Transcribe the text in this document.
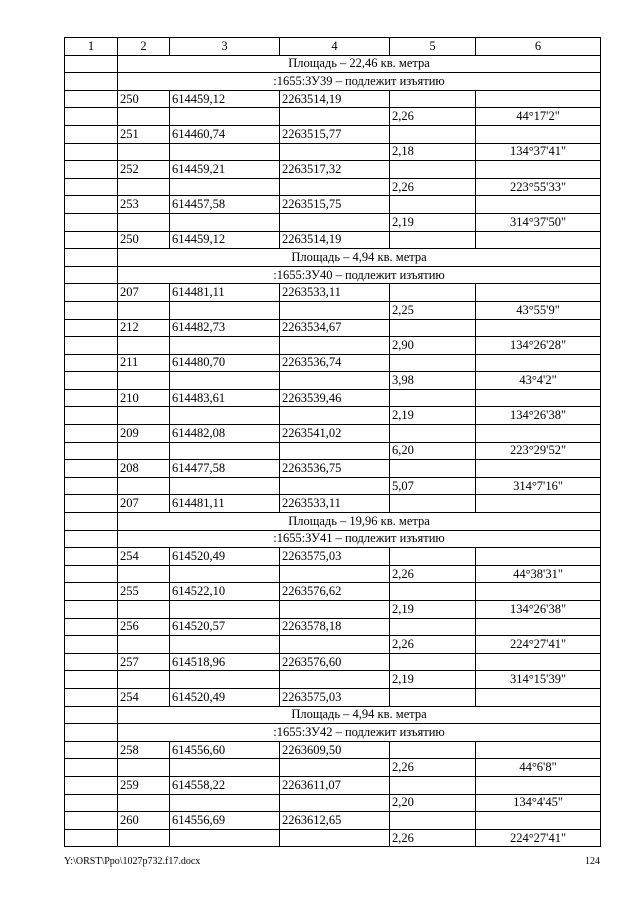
1	2	3	4	5	6
	Площадь – 22,46 кв. метра				
	:1655:ЗУ39 – подлежит изъятию				
	250	614459,12	2263514,19		
				2,26	44°17'2"
	251	614460,74	2263515,77		
				2,18	134°37'41"
	252	614459,21	2263517,32		
				2,26	223°55'33"
	253	614457,58	2263515,75		
				2,19	314°37'50"
	250	614459,12	2263514,19		
	Площадь – 4,94 кв. метра				
	:1655:ЗУ40 – подлежит изъятию				
	207	614481,11	2263533,11		
				2,25	43°55'9"
	212	614482,73	2263534,67		
				2,90	134°26'28"
	211	614480,70	2263536,74		
				3,98	43°4'2"
	210	614483,61	2263539,46		
				2,19	134°26'38"
	209	614482,08	2263541,02		
				6,20	223°29'52"
	208	614477,58	2263536,75		
				5,07	314°7'16"
	207	614481,11	2263533,11		
	Площадь – 19,96 кв. метра				
	:1655:ЗУ41 – подлежит изъятию				
	254	614520,49	2263575,03		
				2,26	44°38'31"
	255	614522,10	2263576,62		
				2,19	134°26'38"
	256	614520,57	2263578,18		
				2,26	224°27'41"
	257	614518,96	2263576,60		
				2,19	314°15'39"
	254	614520,49	2263575,03		
	Площадь – 4,94 кв. метра				
	:1655:ЗУ42 – подлежит изъятию				
	258	614556,60	2263609,50		
				2,26	44°6'8"
	259	614558,22	2263611,07		
				2,20	134°4'45"
	260	614556,69	2263612,65		
				2,26	224°27'41"
Y:\ORST\Ppo\1027p732.f17.docx	124
